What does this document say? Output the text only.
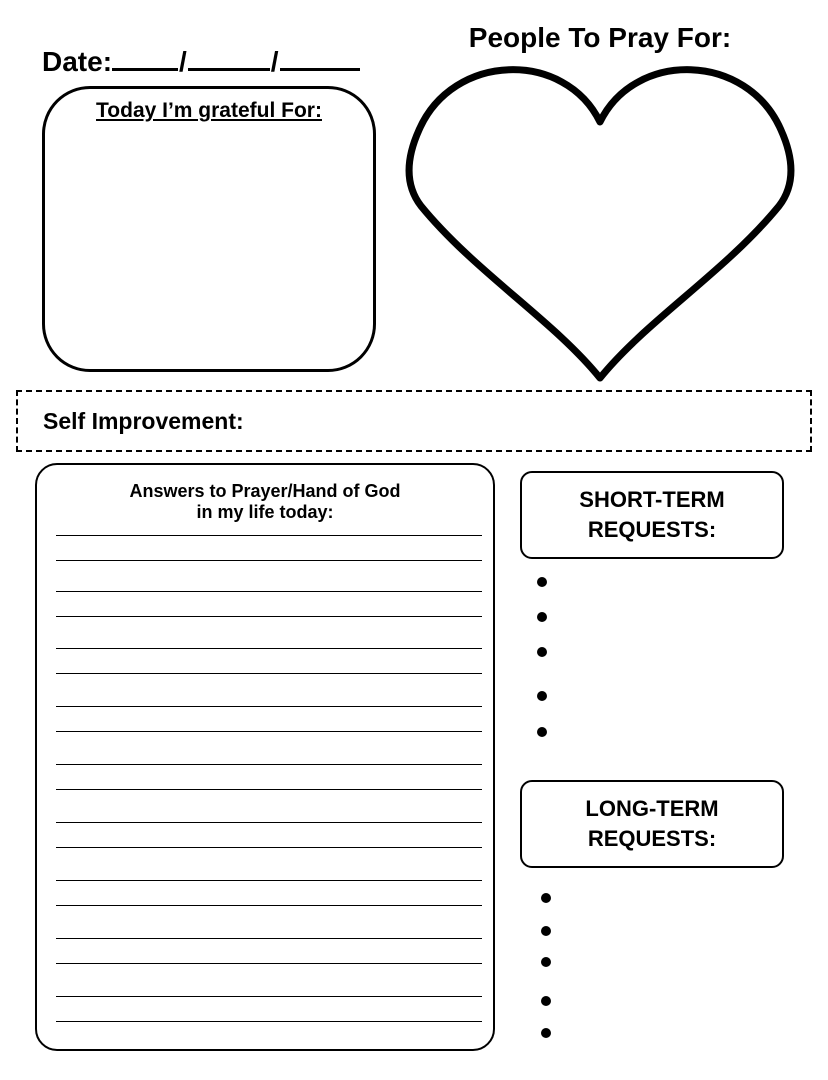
Date: /	/
Today I’m grateful For:
People To Pray For:
Self Improvement:
Answers to Prayer/Hand of God
in my life today:	SHORT-TERM
REQUESTS:
LONG-TERM
REQUESTS:
